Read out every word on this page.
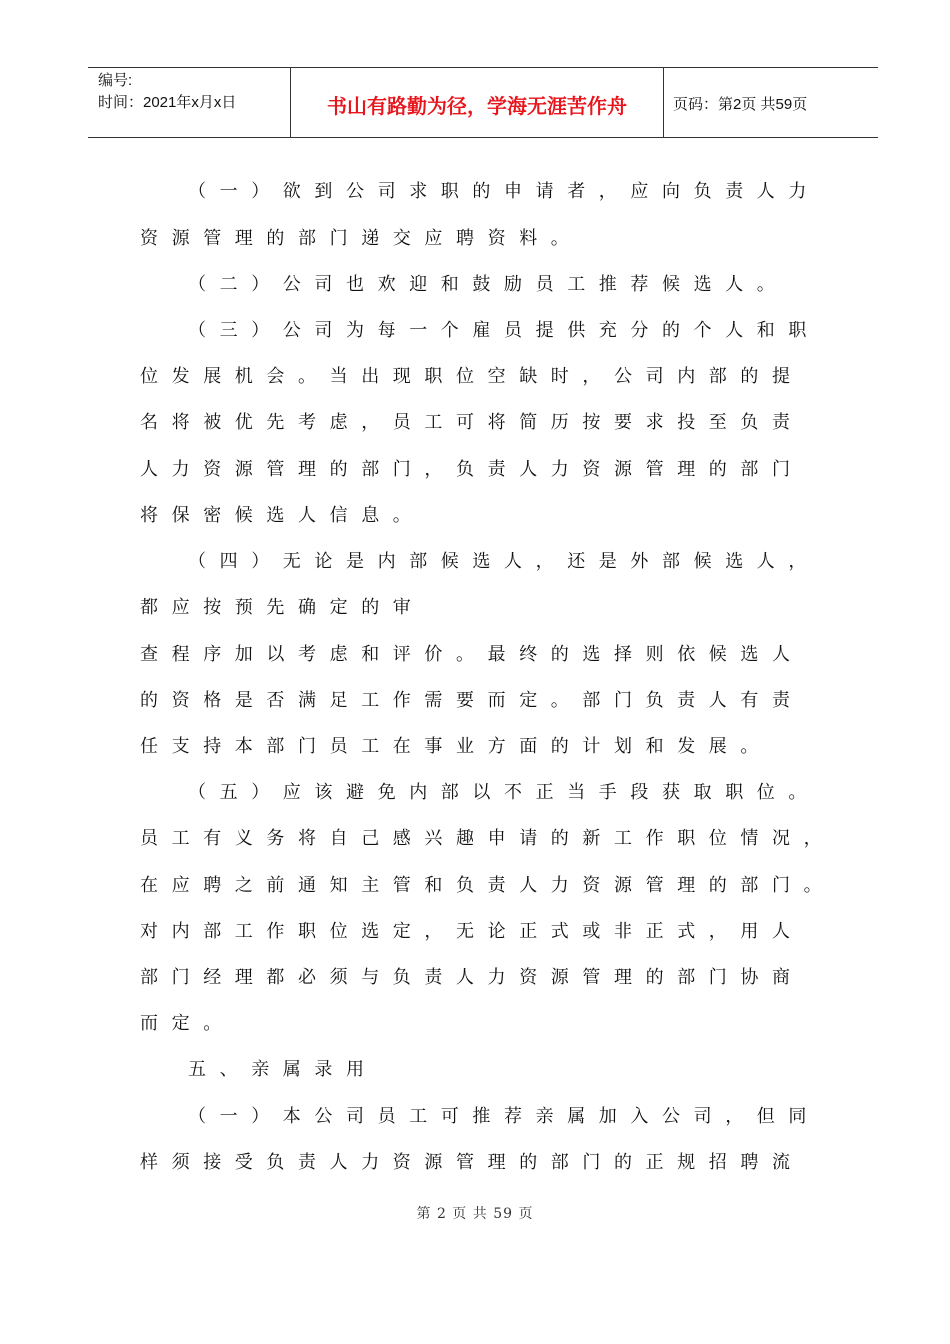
编号:
时间：2021年x月x日	书山有路勤为径，学海无涯苦作舟	页码：第2页 共59页
（一）欲到公司求职的申请者，应向负责人力
资源管理的部门递交应聘资料。
（二）公司也欢迎和鼓励员工推荐候选人。
（三）公司为每一个雇员提供充分的个人和职
位发展机会。当出现职位空缺时，公司内部的提
名将被优先考虑，员工可将简历按要求投至负责
人力资源管理的部门，负责人力资源管理的部门
将保密候选人信息。
（四）无论是内部候选人，还是外部候选人，
都应按预先确定的审
查程序加以考虑和评价。最终的选择则依候选人
的资格是否满足工作需要而定。部门负责人有责
任支持本部门员工在事业方面的计划和发展。
（五）应该避免内部以不正当手段获取职位。
员工有义务将自己感兴趣申请的新工作职位情况，
在应聘之前通知主管和负责人力资源管理的部门。
对内部工作职位选定，无论正式或非正式，用人
部门经理都必须与负责人力资源管理的部门协商
而定。
五、亲属录用
（一）本公司员工可推荐亲属加入公司，但同
样须接受负责人力资源管理的部门的正规招聘流
第 2 页 共 59 页
